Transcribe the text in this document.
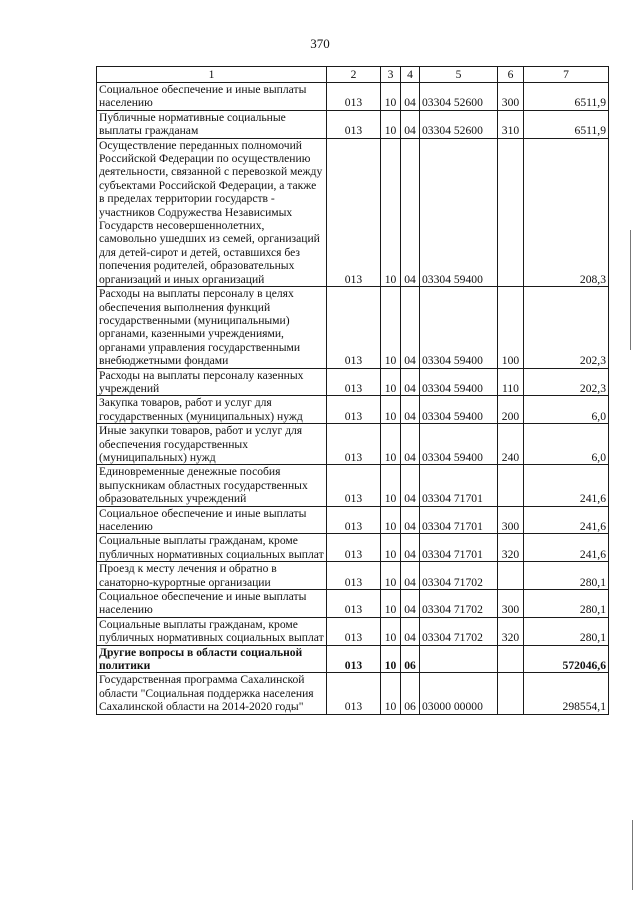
370
1	2	3	4	5	6	7
Социальное обеспечение и иные выплаты населению	013	10	04	03304 52600	300	6511,9
Публичные нормативные социальные выплаты гражданам	013	10	04	03304 52600	310	6511,9
Осуществление переданных полномочий Российской Федерации по осуществлению деятельности, связанной с перевозкой между субъектами Российской Федерации, а также в пределах территории государств - участников Содружества Независимых Государств несовершеннолетних, самовольно ушедших из семей, организаций для детей-сирот и детей, оставшихся без попечения родителей, образовательных организаций и иных организаций	013	10	04	03304 59400		208,3
Расходы на выплаты персоналу в целях обеспечения выполнения функций государственными (муниципальными) органами, казенными учреждениями, органами управления государственными внебюджетными фондами	013	10	04	03304 59400	100	202,3
Расходы на выплаты персоналу казенных учреждений	013	10	04	03304 59400	110	202,3
Закупка товаров, работ и услуг для государственных (муниципальных) нужд	013	10	04	03304 59400	200	6,0
Иные закупки товаров, работ и услуг для обеспечения государственных (муниципальных) нужд	013	10	04	03304 59400	240	6,0
Единовременные денежные пособия выпускникам областных государственных образовательных учреждений	013	10	04	03304 71701		241,6
Социальное обеспечение и иные выплаты населению	013	10	04	03304 71701	300	241,6
Социальные выплаты гражданам, кроме публичных нормативных социальных выплат	013	10	04	03304 71701	320	241,6
Проезд к месту лечения и обратно в санаторно-курортные организации	013	10	04	03304 71702		280,1
Социальное обеспечение и иные выплаты населению	013	10	04	03304 71702	300	280,1
Социальные выплаты гражданам, кроме публичных нормативных социальных выплат	013	10	04	03304 71702	320	280,1
Другие вопросы в области социальной политики	013	10	06			572046,6
Государственная программа Сахалинской области "Социальная поддержка населения Сахалинской области на 2014-2020 годы"	013	10	06	03000 00000		298554,1
